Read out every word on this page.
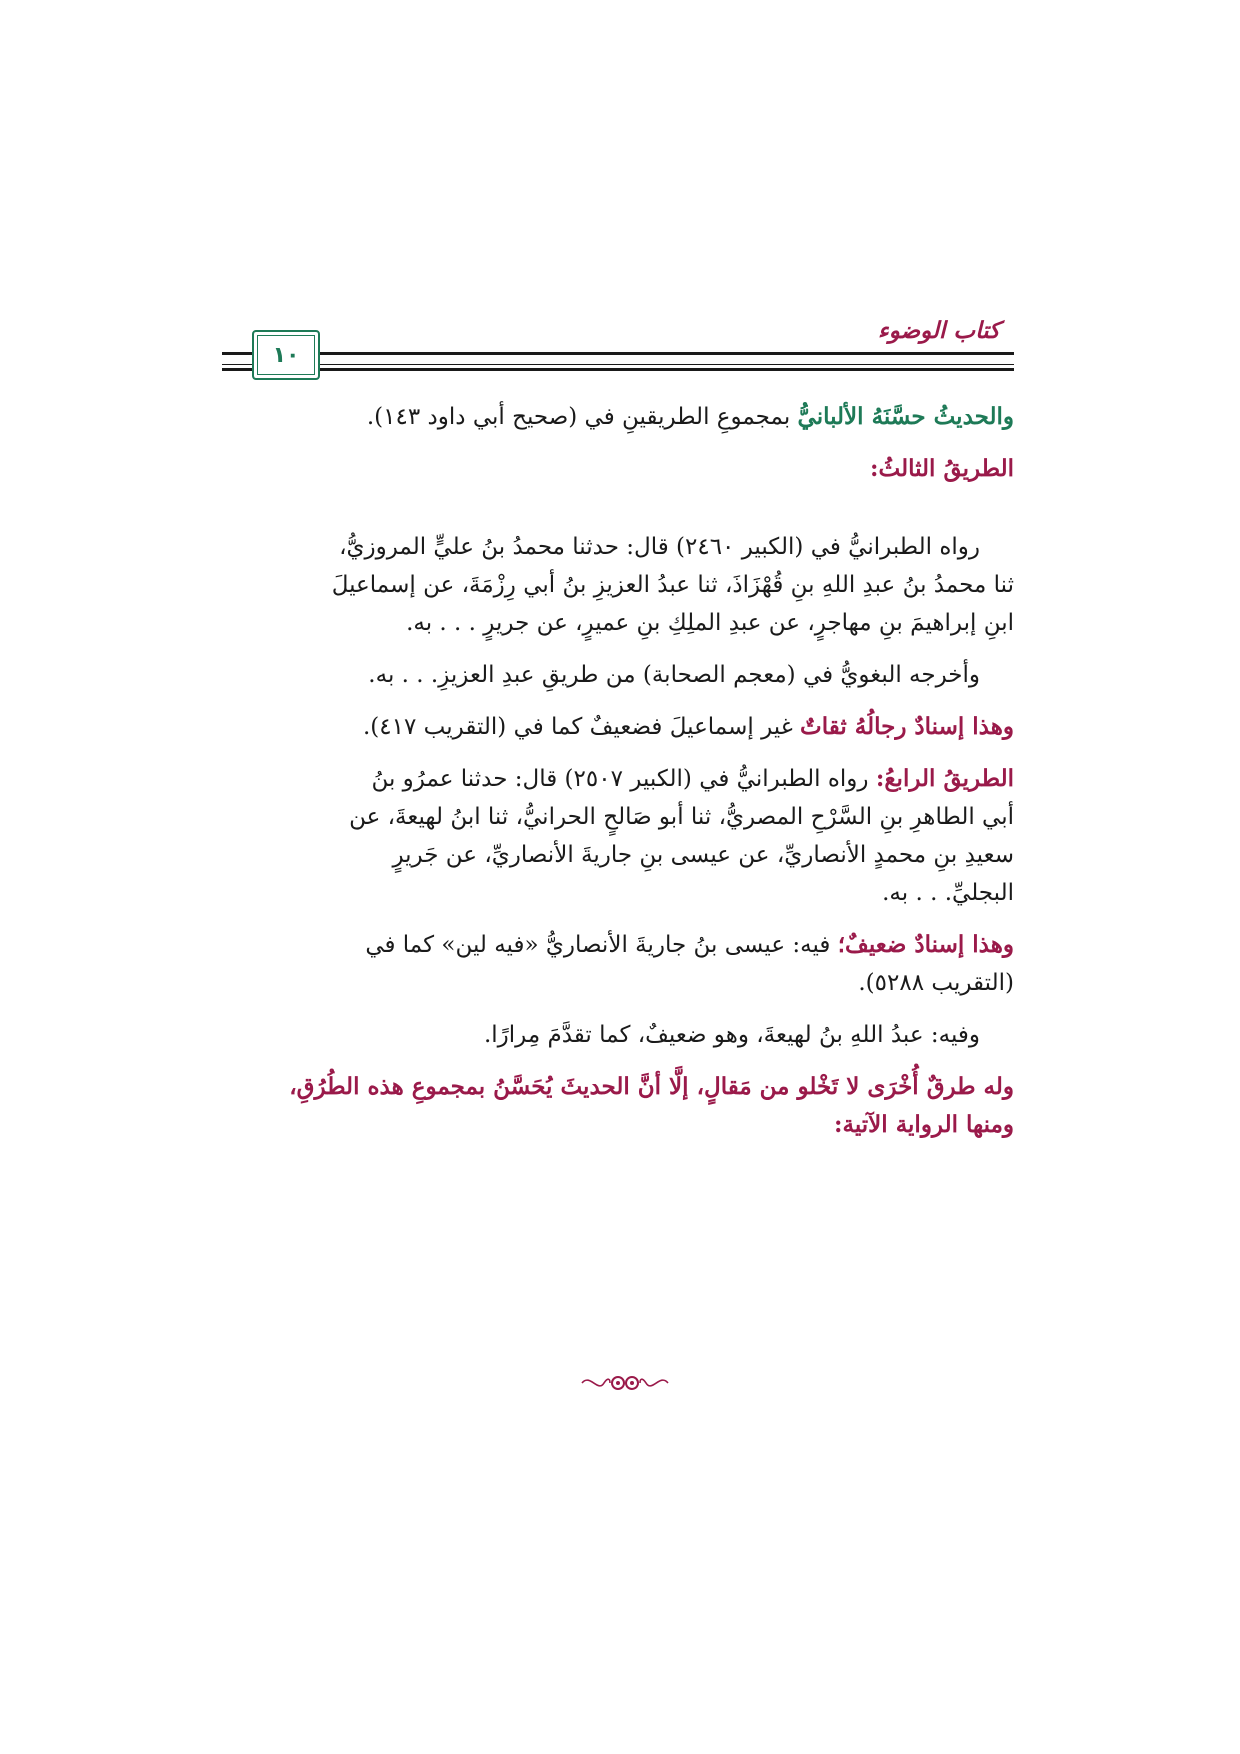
كتاب الوضوء
١٠
والحديثُ حسَّنَهُ الألبانيُّ بمجموعِ الطريقينِ في (صحيح أبي داود ١٤٣).
الطريقُ الثالثُ:
رواه الطبرانيُّ في (الكبير ٢٤٦٠) قال: حدثنا محمدُ بنُ عليٍّ المروزيُّ،
ثنا محمدُ بنُ عبدِ اللهِ بنِ قُهْزَاذَ، ثنا عبدُ العزيزِ بنُ أبي رِزْمَةَ، عن إسماعيلَ
ابنِ إبراهيمَ بنِ مهاجرٍ، عن عبدِ الملِكِ بنِ عميرٍ، عن جريرٍ . . . به.
وأخرجه البغويُّ في (معجم الصحابة) من طريقِ عبدِ العزيزِ. . . به.
وهذا إسنادٌ رجالُهُ ثقاتٌ غير إسماعيلَ فضعيفٌ كما في (التقريب ٤١٧).
الطريقُ الرابعُ: رواه الطبرانيُّ في (الكبير ٢٥٠٧) قال: حدثنا عمرُو بنُ
أبي الطاهرِ بنِ السَّرْحِ المصريُّ، ثنا أبو صَالحٍ الحرانيُّ، ثنا ابنُ لهيعةَ، عن
سعيدِ بنِ محمدٍ الأنصاريِّ، عن عيسى بنِ جاريةَ الأنصاريِّ، عن جَريرٍ
البجليِّ. . . به.
وهذا إسنادٌ ضعيفٌ؛ فيه: عيسى بنُ جاريةَ الأنصاريُّ «فيه لين» كما في
(التقريب ٥٢٨٨).
وفيه: عبدُ اللهِ بنُ لهيعةَ، وهو ضعيفٌ، كما تقدَّمَ مِرارًا.
وله طرقٌ أُخْرَى لا تَخْلو من مَقالٍ، إلَّا أنَّ الحديثَ يُحَسَّنُ بمجموعِ هذه الطُرُقِ،
ومنها الرواية الآتية:
